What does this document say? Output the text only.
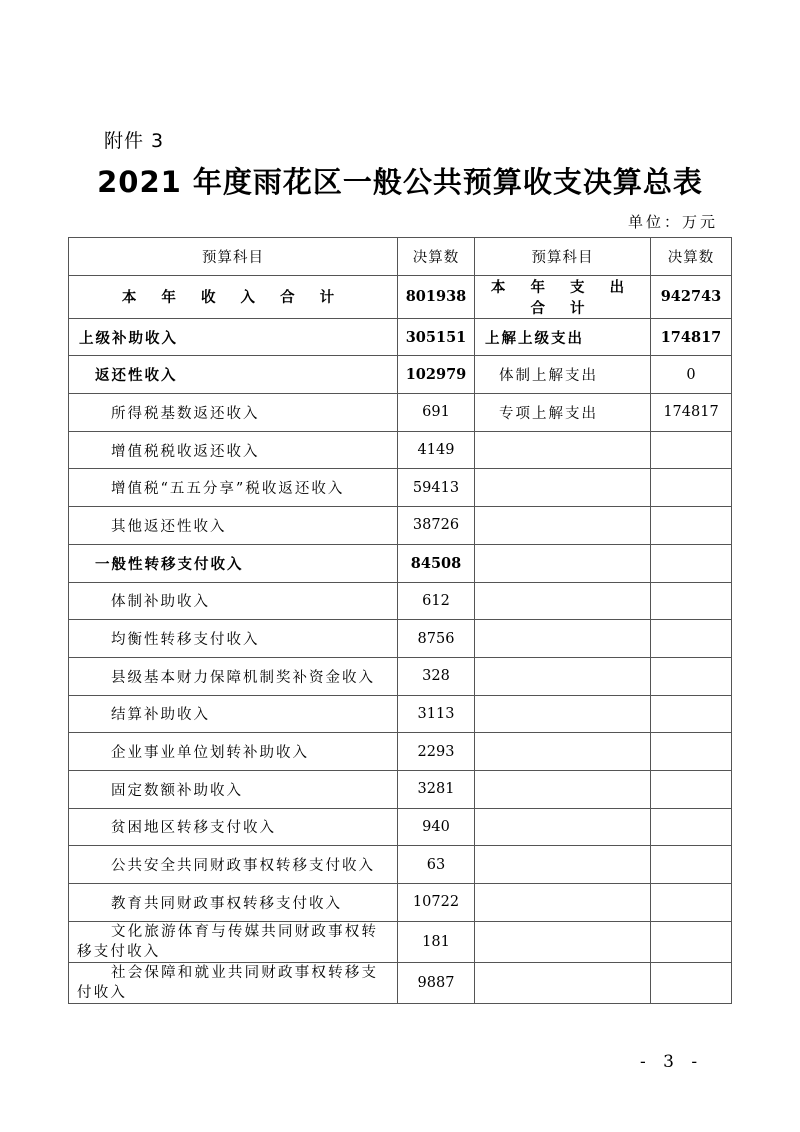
附件 3
2021 年度雨花区一般公共预算收支决算总表
单位：万元
预算科目	决算数	预算科目	决算数
本 年 收 入 合 计	801938	本 年 支 出 合 计	942743
上级补助收入	305151	上解上级支出	174817
返还性收入	102979	体制上解支出	0
所得税基数返还收入	691	专项上解支出	174817
增值税税收返还收入	4149		
增值税“五五分享”税收返还收入	59413		
其他返还性收入	38726		
一般性转移支付收入	84508		
体制补助收入	612		
均衡性转移支付收入	8756		
县级基本财力保障机制奖补资金收入	328		
结算补助收入	3113		
企业事业单位划转补助收入	2293		
固定数额补助收入	3281		
贫困地区转移支付收入	940		
公共安全共同财政事权转移支付收入	63		
教育共同财政事权转移支付收入	10722		
文化旅游体育与传媒共同财政事权转移支付收入	181		
社会保障和就业共同财政事权转移支付收入	9887		
- 3 -
